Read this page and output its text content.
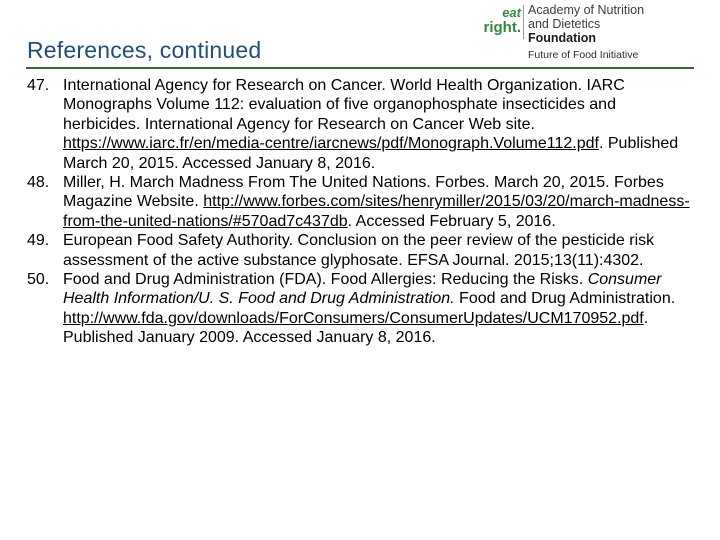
References, continued
eat
right.
Academy of Nutrition
and Dietetics
Foundation
Future of Food Initiative
47. International Agency for Research on Cancer. World Health Organization. IARC Monographs Volume 112: evaluation of five organophosphate insecticides and herbicides. International Agency for Research on Cancer Web site. https://www.iarc.fr/en/media-centre/iarcnews/pdf/Monograph.Volume112.pdf. Published March 20, 2015. Accessed January 8, 2016.
48. Miller, H. March Madness From The United Nations. Forbes. March 20, 2015. Forbes Magazine Website. http://www.forbes.com/sites/henrymiller/2015/03/20/march-madness-from-the-united-nations/#570ad7c437db. Accessed February 5, 2016.
49. European Food Safety Authority. Conclusion on the peer review of the pesticide risk assessment of the active substance glyphosate. EFSA Journal. 2015;13(11):4302.
50. Food and Drug Administration (FDA). Food Allergies: Reducing the Risks. Consumer Health Information/U. S. Food and Drug Administration. Food and Drug Administration. http://www.fda.gov/downloads/ForConsumers/ConsumerUpdates/UCM170952.pdf. Published January 2009. Accessed January 8, 2016.
